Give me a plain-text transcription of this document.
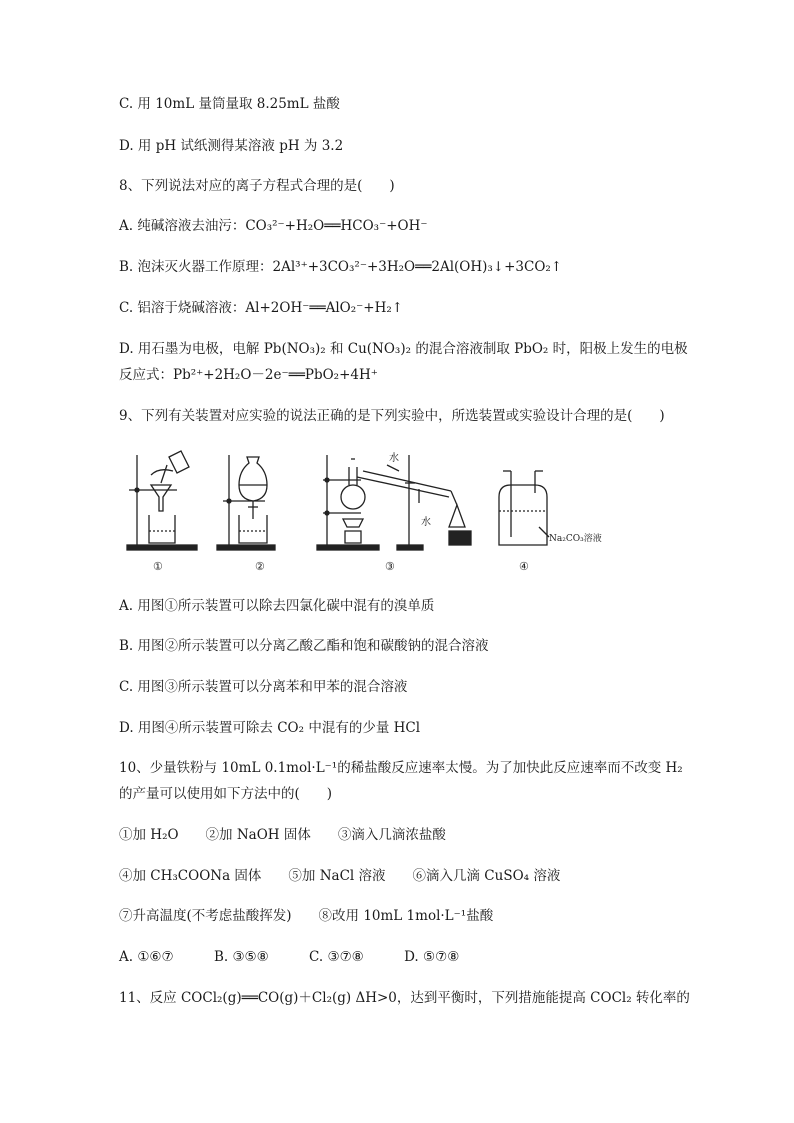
C. 用 10mL 量筒量取 8.25mL 盐酸
D. 用 pH 试纸测得某溶液 pH 为 3.2
8、下列说法对应的离子方程式合理的是(　　)
A. 纯碱溶液去油污：CO₃²⁻+H₂O══HCO₃⁻+OH⁻
B. 泡沫灭火器工作原理：2Al³⁺+3CO₃²⁻+3H₂O══2Al(OH)₃↓+3CO₂↑
C. 铝溶于烧碱溶液：Al+2OH⁻══AlO₂⁻+H₂↑
D. 用石墨为电极，电解 Pb(NO₃)₂ 和 Cu(NO₃)₂ 的混合溶液制取 PbO₂ 时，阳极上发生的电极
反应式：Pb²⁺+2H₂O－2e⁻══PbO₂+4H⁺
9、下列有关装置对应实验的说法正确的是下列实验中，所选装置或实验设计合理的是(　　)
水
水
Na₂CO₃溶液
①	②	③	④
A. 用图①所示装置可以除去四氯化碳中混有的溴单质
B. 用图②所示装置可以分离乙酸乙酯和饱和碳酸钠的混合溶液
C. 用图③所示装置可以分离苯和甲苯的混合溶液
D. 用图④所示装置可除去 CO₂ 中混有的少量 HCl
10、少量铁粉与 10mL 0.1mol·L⁻¹的稀盐酸反应速率太慢。为了加快此反应速率而不改变 H₂
的产量可以使用如下方法中的(　　)
①加 H₂O　　②加 NaOH 固体　　③滴入几滴浓盐酸
④加 CH₃COONa 固体　　⑤加 NaCl 溶液　　⑥滴入几滴 CuSO₄ 溶液
⑦升高温度(不考虑盐酸挥发)　　⑧改用 10mL 1mol·L⁻¹盐酸
A. ①⑥⑦	B. ③⑤⑧	C. ③⑦⑧	D. ⑤⑦⑧
11、反应 COCl₂(g)══CO(g)＋Cl₂(g) ΔH>0，达到平衡时，下列措施能提高 COCl₂ 转化率的
